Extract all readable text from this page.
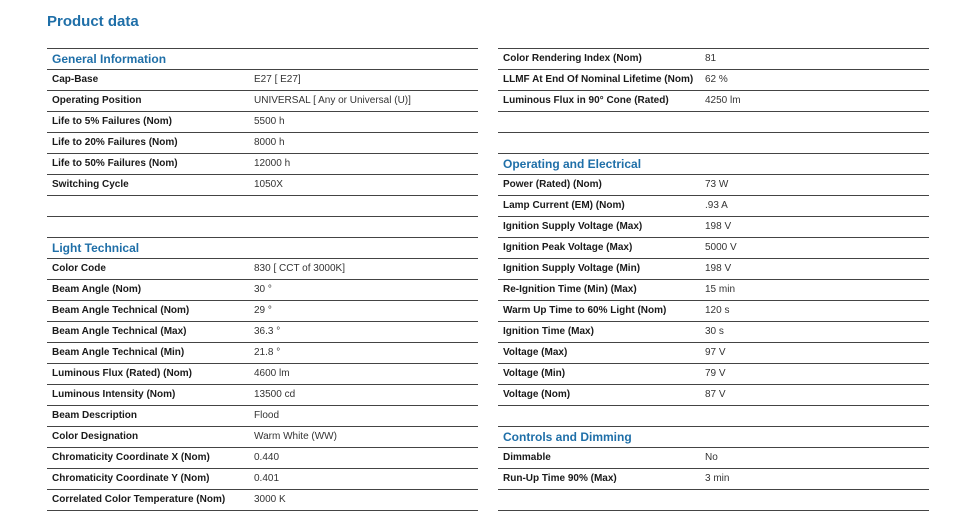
Product data
General Information
Cap-Base	E27 [ E27]
Operating Position	UNIVERSAL [ Any or Universal (U)]
Life to 5% Failures (Nom)	5500 h
Life to 20% Failures (Nom)	8000 h
Life to 50% Failures (Nom)	12000 h
Switching Cycle	1050X
Light Technical
Color Code	830 [ CCT of 3000K]
Beam Angle (Nom)	30 °
Beam Angle Technical (Nom)	29 °
Beam Angle Technical (Max)	36.3 °
Beam Angle Technical (Min)	21.8 °
Luminous Flux (Rated) (Nom)	4600 lm
Luminous Intensity (Nom)	13500 cd
Beam Description	Flood
Color Designation	Warm White (WW)
Chromaticity Coordinate X (Nom)	0.440
Chromaticity Coordinate Y (Nom)	0.401
Correlated Color Temperature (Nom)	3000 K
Color Rendering Index (Nom)	81
LLMF At End Of Nominal Lifetime (Nom)	62 %
Luminous Flux in 90° Cone (Rated)	4250 lm
Operating and Electrical
Power (Rated) (Nom)	73 W
Lamp Current (EM) (Nom)	.93 A
Ignition Supply Voltage (Max)	198 V
Ignition Peak Voltage (Max)	5000 V
Ignition Supply Voltage (Min)	198 V
Re-Ignition Time (Min) (Max)	15 min
Warm Up Time to 60% Light (Nom)	120 s
Ignition Time (Max)	30 s
Voltage (Max)	97 V
Voltage (Min)	79 V
Voltage (Nom)	87 V
Controls and Dimming
Dimmable	No
Run-Up Time 90% (Max)	3 min
